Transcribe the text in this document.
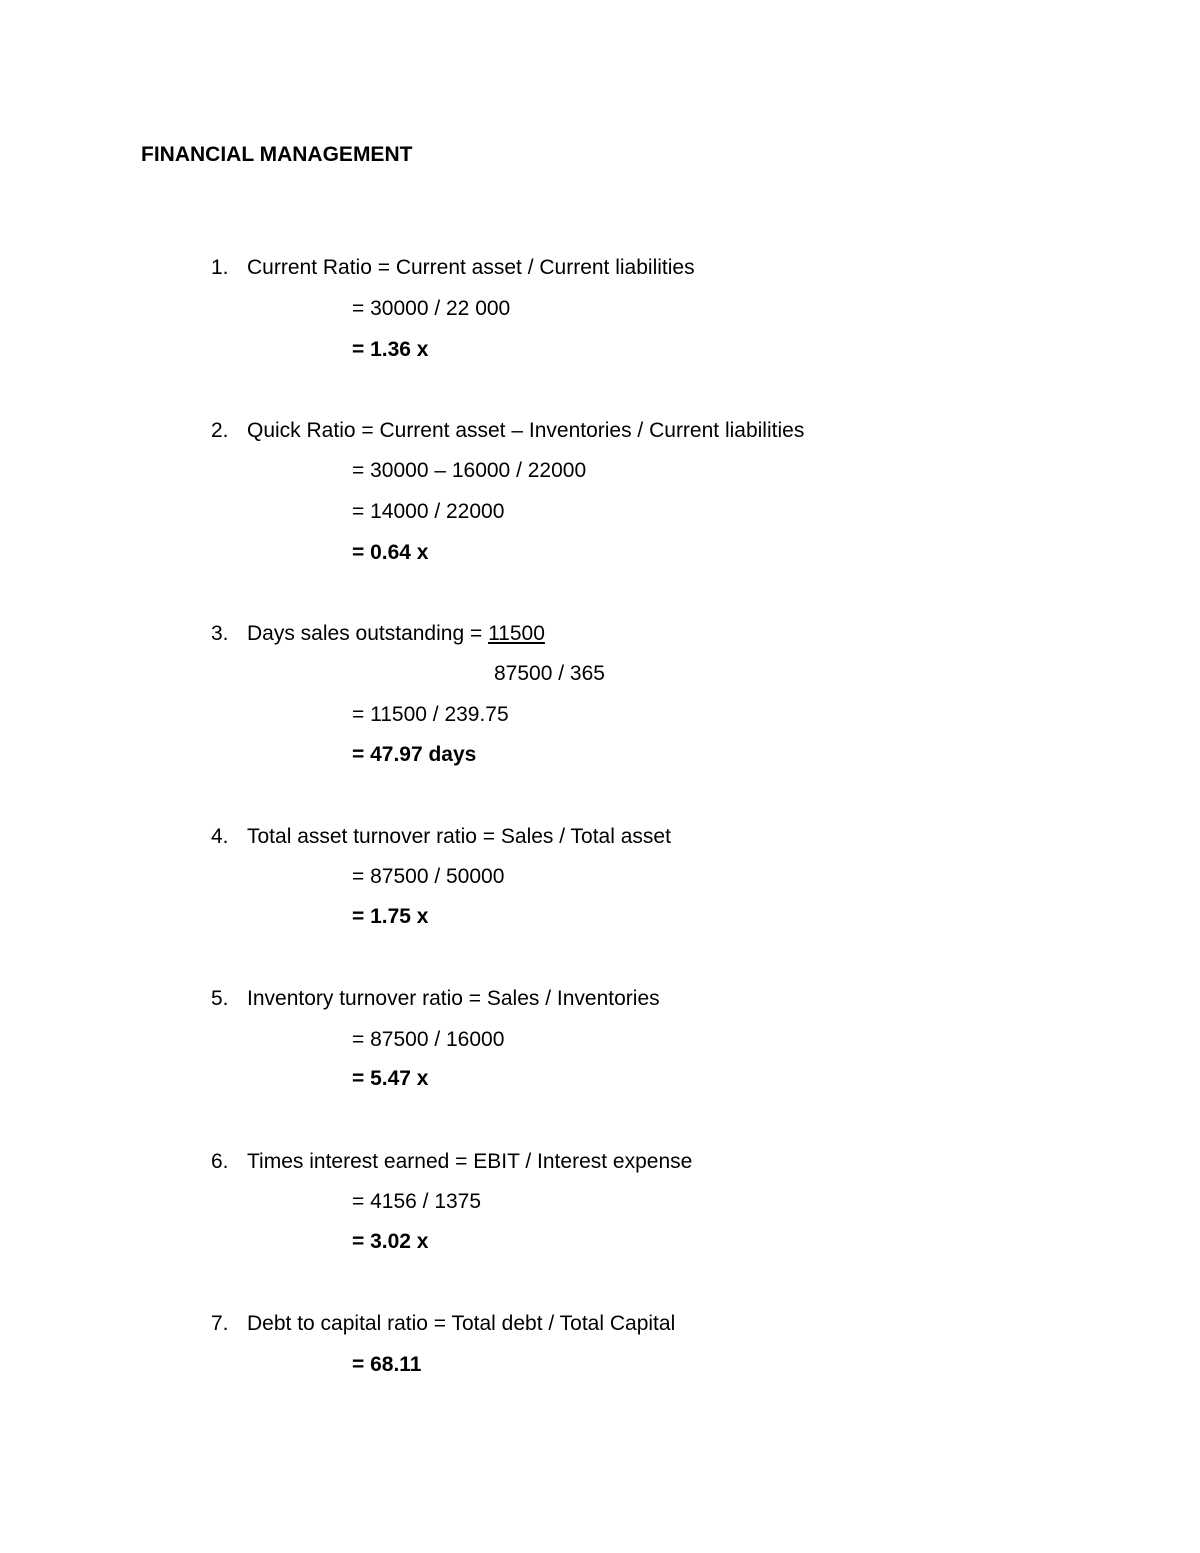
FINANCIAL MANAGEMENT
1. Current Ratio = Current asset / Current liabilities
= 30000 / 22 000
= 1.36 x
2. Quick Ratio = Current asset – Inventories / Current liabilities
= 30000 – 16000 / 22000
= 14000 / 22000
= 0.64 x
3. Days sales outstanding = 11500
87500 / 365
= 11500 / 239.75
= 47.97 days
4. Total asset turnover ratio = Sales / Total asset
= 87500 / 50000
= 1.75 x
5. Inventory turnover ratio = Sales / Inventories
= 87500 / 16000
= 5.47 x
6. Times interest earned = EBIT / Interest expense
= 4156 / 1375
= 3.02 x
7. Debt to capital ratio = Total debt / Total Capital
= 68.11
